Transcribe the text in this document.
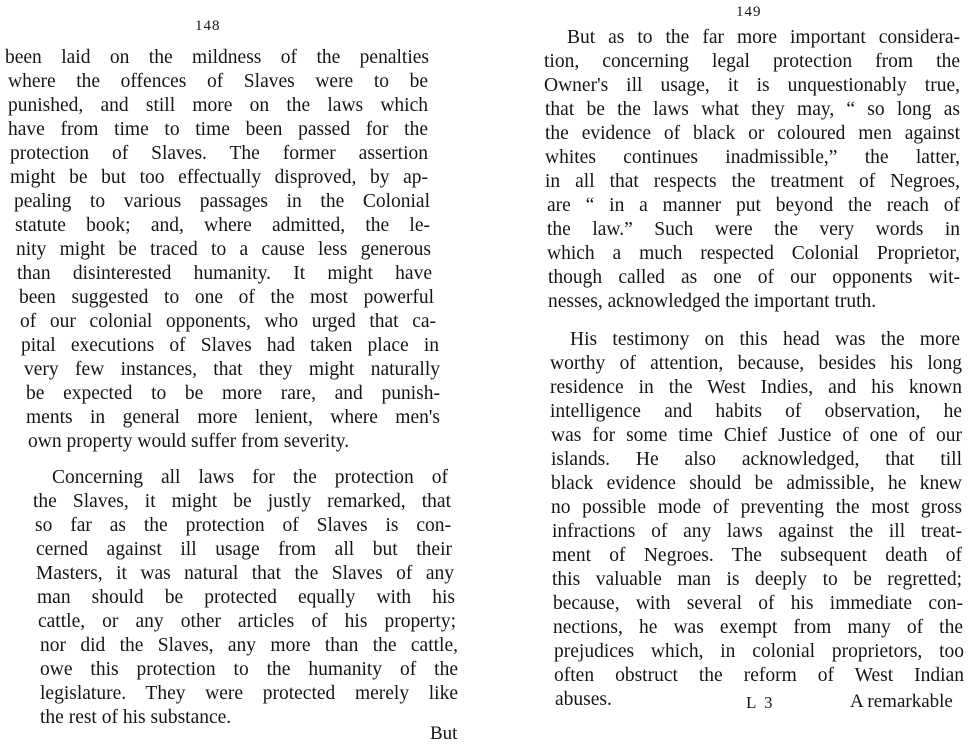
148
been laid on the mildness of the penalties
where the offences of Slaves were to be
punished, and still more on the laws which
have from time to time been passed for the
protection of Slaves. The former assertion
might be but too effectually disproved, by ap-
pealing to various passages in the Colonial
statute book; and, where admitted, the le-
nity might be traced to a cause less generous
than disinterested humanity. It might have
been suggested to one of the most powerful
of our colonial opponents, who urged that ca-
pital executions of Slaves had taken place in
very few instances, that they might naturally
be expected to be more rare, and punish-
ments in general more lenient, where men's
own property would suffer from severity.
Concerning all laws for the protection of
the Slaves, it might be justly remarked, that
so far as the protection of Slaves is con-
cerned against ill usage from all but their
Masters, it was natural that the Slaves of any
man should be protected equally with his
cattle, or any other articles of his property;
nor did the Slaves, any more than the cattle,
owe this protection to the humanity of the
legislature. They were protected merely like
the rest of his substance.
But
149
But as to the far more important considera-
tion, concerning legal protection from the
Owner's ill usage, it is unquestionably true,
that be the laws what they may, “ so long as
the evidence of black or coloured men against
whites continues inadmissible,” the latter,
in all that respects the treatment of Negroes,
are “ in a manner put beyond the reach of
the law.” Such were the very words in
which a much respected Colonial Proprietor,
though called as one of our opponents wit-
nesses, acknowledged the important truth.
His testimony on this head was the more
worthy of attention, because, besides his long
residence in the West Indies, and his known
intelligence and habits of observation, he
was for some time Chief Justice of one of our
islands. He also acknowledged, that till
black evidence should be admissible, he knew
no possible mode of preventing the most gross
infractions of any laws against the ill treat-
ment of Negroes. The subsequent death of
this valuable man is deeply to be regretted;
because, with several of his immediate con-
nections, he was exempt from many of the
prejudices which, in colonial proprietors, too
often obstruct the reform of West Indian
abuses.	L 3	A remarkable
